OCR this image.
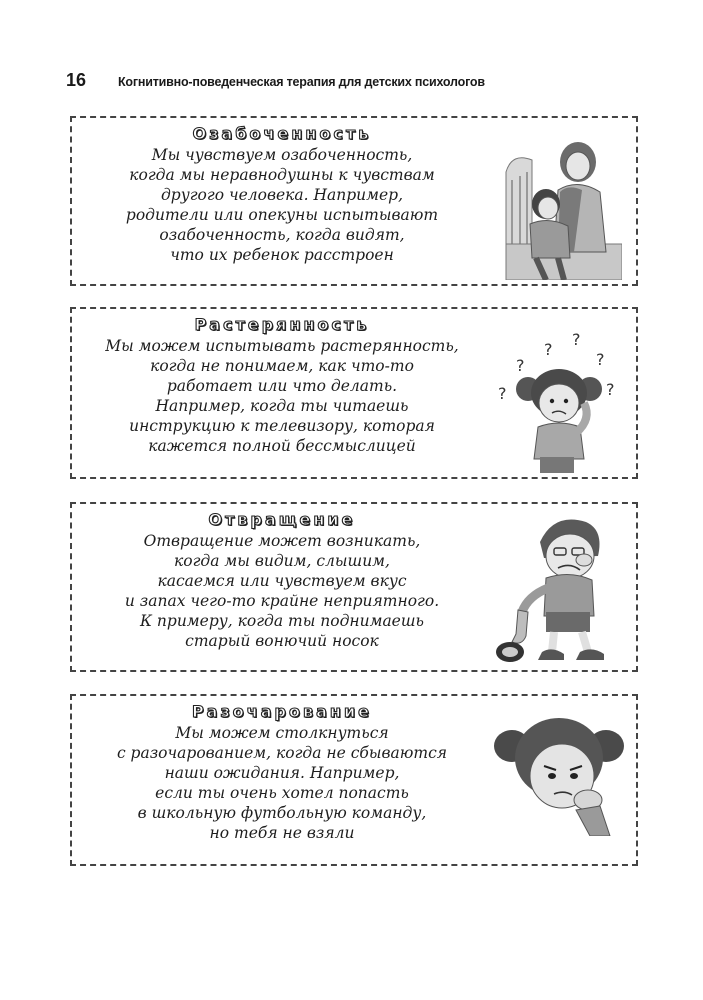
16	Когнитивно-поведенческая терапия для детских психологов
Озабоченность
Мы чувствуем озабоченность,
когда мы неравнодушны к чувствам
другого человека. Например,
родители или опекуны испытывают
озабоченность, когда видят,
что их ребенок расстроен
Растерянность
Мы можем испытывать растерянность,
когда не понимаем, как что-то
работает или что делать.
Например, когда ты читаешь
инструкцию к телевизору, которая
кажется полной бессмыслицей
?
?
?
?
?	?
Отвращение
Отвращение может возникать,
когда мы видим, слышим,
касаемся или чувствуем вкус
и запах чего-то крайне неприятного.
К примеру, когда ты поднимаешь
старый вонючий носок
Разочарование
Мы можем столкнуться
с разочарованием, когда не сбываются
наши ожидания. Например,
если ты очень хотел попасть
в школьную футбольную команду,
но тебя не взяли
